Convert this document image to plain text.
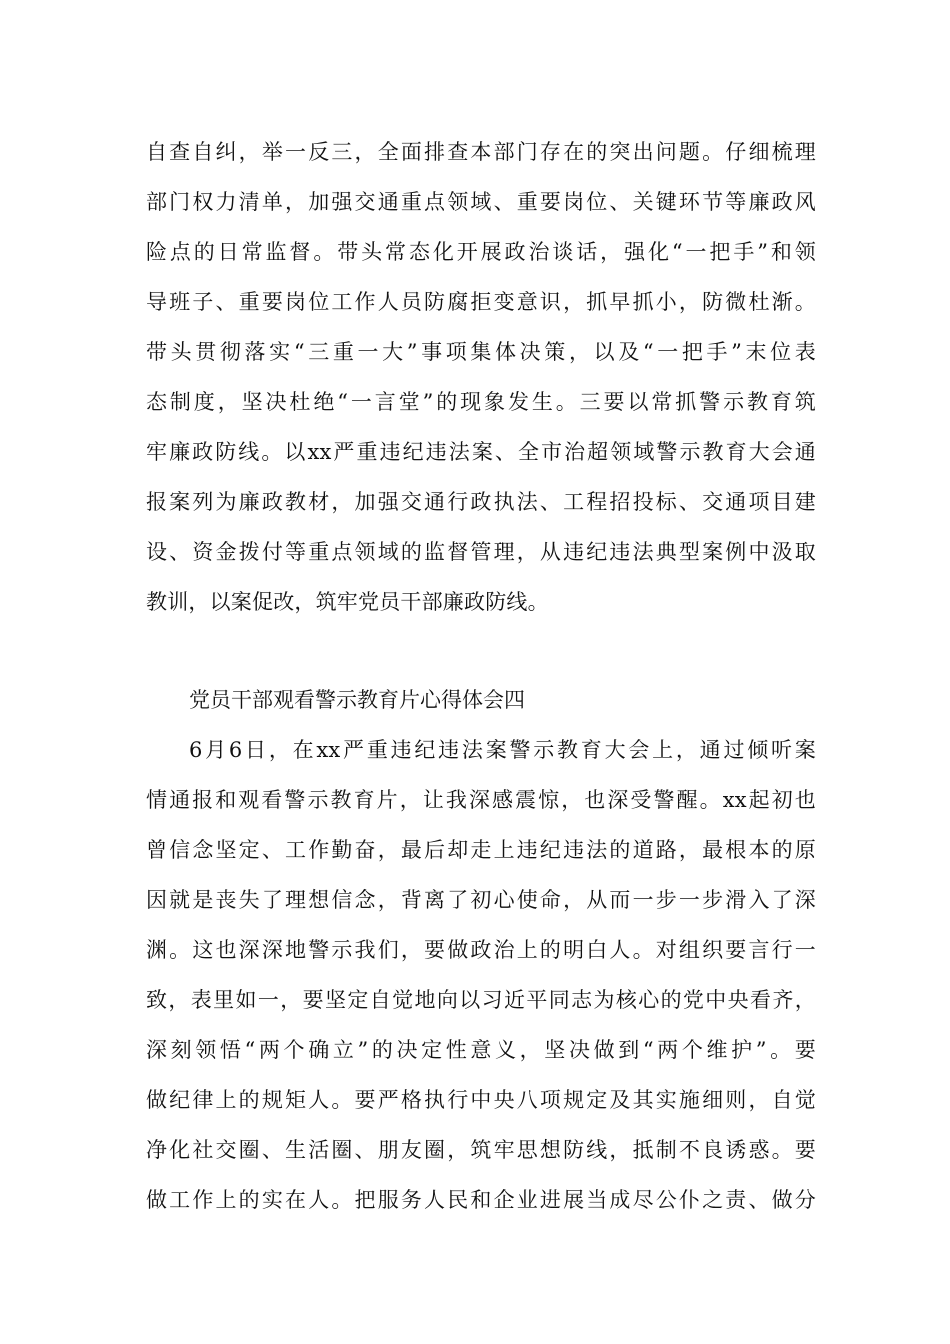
自查自纠，举一反三，全面排查本部门存在的突出问题。仔细梳理
部门权力清单，加强交通重点领域、重要岗位、关键环节等廉政风
险点的日常监督。带头常态化开展政治谈话，强化“一把手”和领
导班子、重要岗位工作人员防腐拒变意识，抓早抓小，防微杜渐。
带头贯彻落实“三重一大”事项集体决策，以及“一把手”末位表
态制度，坚决杜绝“一言堂”的现象发生。三要以常抓警示教育筑
牢廉政防线。以xx严重违纪违法案、全市治超领域警示教育大会通
报案列为廉政教材，加强交通行政执法、工程招投标、交通项目建
设、资金拨付等重点领域的监督管理，从违纪违法典型案例中汲取
教训，以案促改，筑牢党员干部廉政防线。
党员干部观看警示教育片心得体会四
6月6日，在xx严重违纪违法案警示教育大会上，通过倾听案
情通报和观看警示教育片，让我深感震惊，也深受警醒。xx起初也
曾信念坚定、工作勤奋，最后却走上违纪违法的道路，最根本的原
因就是丧失了理想信念，背离了初心使命，从而一步一步滑入了深
渊。这也深深地警示我们，要做政治上的明白人。对组织要言行一
致，表里如一，要坚定自觉地向以习近平同志为核心的党中央看齐，
深刻领悟“两个确立”的决定性意义，坚决做到“两个维护”。要
做纪律上的规矩人。要严格执行中央八项规定及其实施细则，自觉
净化社交圈、生活圈、朋友圈，筑牢思想防线，抵制不良诱惑。要
做工作上的实在人。把服务人民和企业进展当成尽公仆之责、做分
